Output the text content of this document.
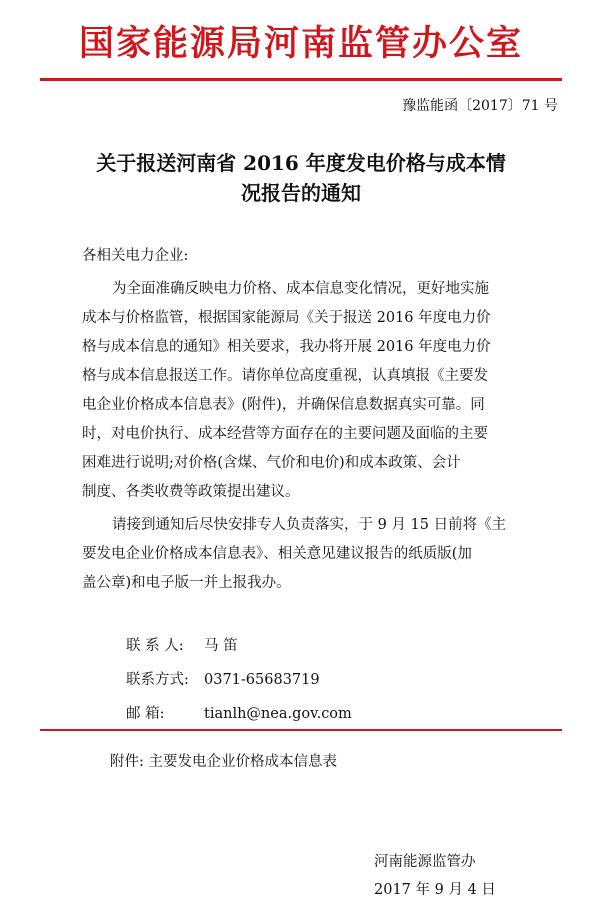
国家能源局河南监管办公室
豫监能函〔2017〕71 号
关于报送河南省 2016 年度发电价格与成本情
况报告的通知
各相关电力企业:
为全面准确反映电力价格、成本信息变化情况，更好地实施
成本与价格监管，根据国家能源局《关于报送 2016 年度电力价
格与成本信息的通知》相关要求，我办将开展 2016 年度电力价
格与成本信息报送工作。请你单位高度重视，认真填报《主要发
电企业价格成本信息表》(附件)，并确保信息数据真实可靠。同
时，对电价执行、成本经营等方面存在的主要问题及面临的主要
困难进行说明;对价格(含煤、气价和电价)和成本政策、会计
制度、各类收费等政策提出建议。
请接到通知后尽快安排专人负责落实，于 9 月 15 日前将《主
要发电企业价格成本信息表》、相关意见建议报告的纸质版(加
盖公章)和电子版一并上报我办。
联 系 人: 马 笛
联系方式: 0371-65683719
邮 箱:	tianlh@nea.gov.com
附件: 主要发电企业价格成本信息表
河南能源监管办
2017 年 9 月 4 日
